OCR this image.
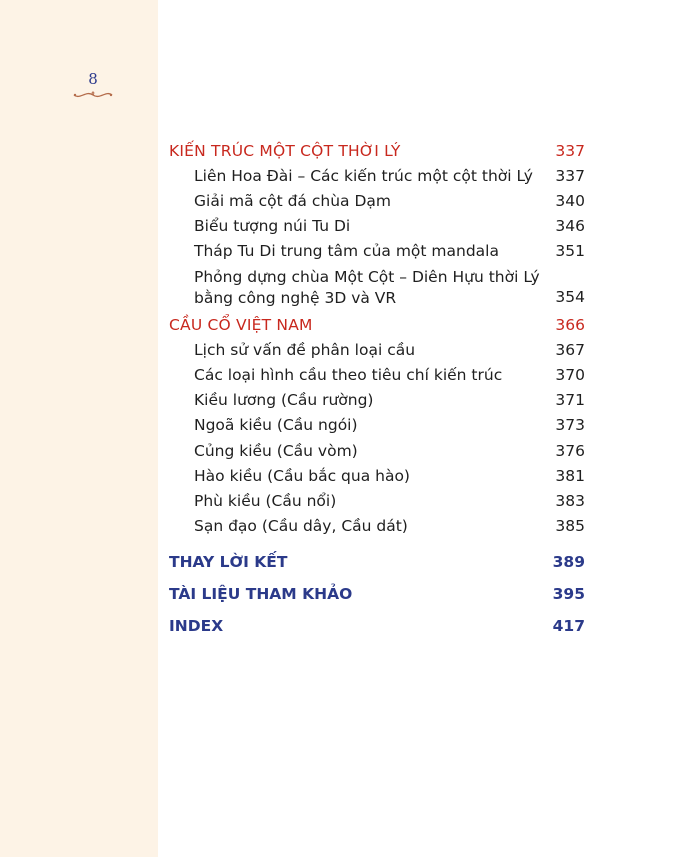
8
KIẾN TRÚC MỘT CỘT THỜI LÝ	337
Liên Hoa Đài – Các kiến trúc một cột thời Lý 337
Giải mã cột đá chùa Dạm	340
Biểu tượng núi Tu Di	346
Tháp Tu Di trung tâm của một mandala	351
Phỏng dựng chùa Một Cột – Diên Hựu thời Lý
bằng công nghệ 3D và VR	354
CẦU CỔ VIỆT NAM	366
Lịch sử vấn đề phân loại cầu	367
Các loại hình cầu theo tiêu chí kiến trúc	370
Kiều lương (Cầu rường)	371
Ngoã kiều (Cầu ngói)	373
Củng kiều (Cầu vòm)	376
Hào kiều (Cầu bắc qua hào)	381
Phù kiều (Cầu nổi)	383
Sạn đạo (Cầu dây, Cầu dát)	385
THAY LỜI KẾT	389
TÀI LIỆU THAM KHẢO	395
INDEX	417
